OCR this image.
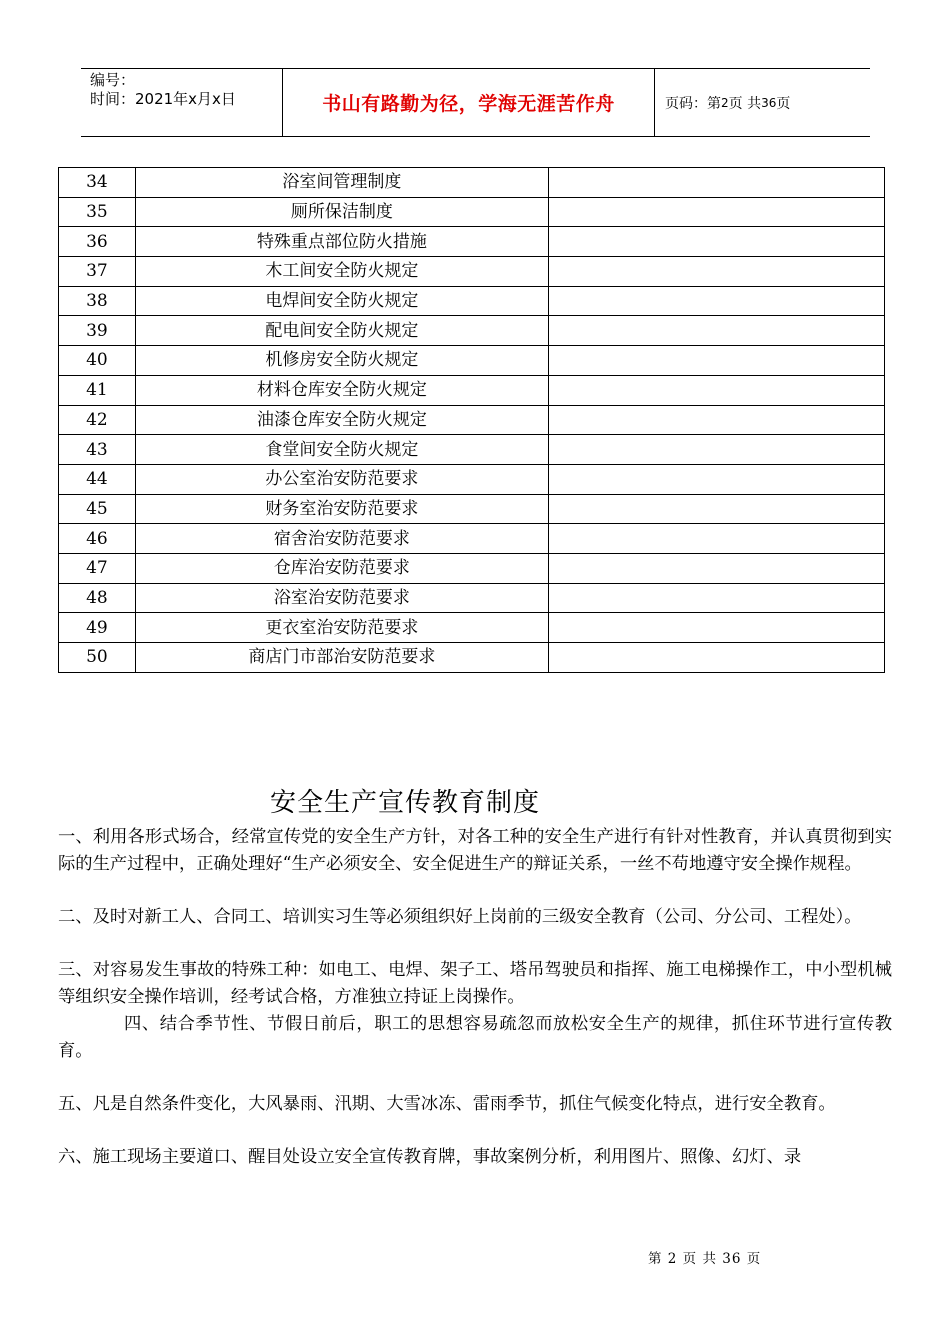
编号：
时间：2021年x月x日	书山有路勤为径，学海无涯苦作舟	页码：第 2 页 共 36 页
34	浴室间管理制度	
35	厕所保洁制度	
36	特殊重点部位防火措施	
37	木工间安全防火规定	
38	电焊间安全防火规定	
39	配电间安全防火规定	
40	机修房安全防火规定	
41	材料仓库安全防火规定	
42	油漆仓库安全防火规定	
43	食堂间安全防火规定	
44	办公室治安防范要求	
45	财务室治安防范要求	
46	宿舍治安防范要求	
47	仓库治安防范要求	
48	浴室治安防范要求	
49	更衣室治安防范要求	
50	商店门市部治安防范要求	
安全生产宣传教育制度

一、利用各形式场合，经常宣传党的安全生产方针，对各工种的安全生产进行有针对性教育，并认真贯彻到实际的生产过程中，正确处理好“生产必须安全、安全促进生产的辩证关系，一丝不苟地遵守安全操作规程。

二、及时对新工人、合同工、培训实习生等必须组织好上岗前的三级安全教育（公司、分公司、工程处）。

三、对容易发生事故的特殊工种：如电工、电焊、架子工、塔吊驾驶员和指挥、施工电梯操作工，中小型机械等组织安全操作培训，经考试合格，方准独立持证上岗操作。

四、结合季节性、节假日前后，职工的思想容易疏忽而放松安全生产的规律，抓住环节进行宣传教育。

五、凡是自然条件变化，大风暴雨、汛期、大雪冰冻、雷雨季节，抓住气候变化特点，进行安全教育。

六、施工现场主要道口、醒目处设立安全宣传教育牌，事故案例分析，利用图片、照像、幻灯、录

第 2 页 共 36 页
